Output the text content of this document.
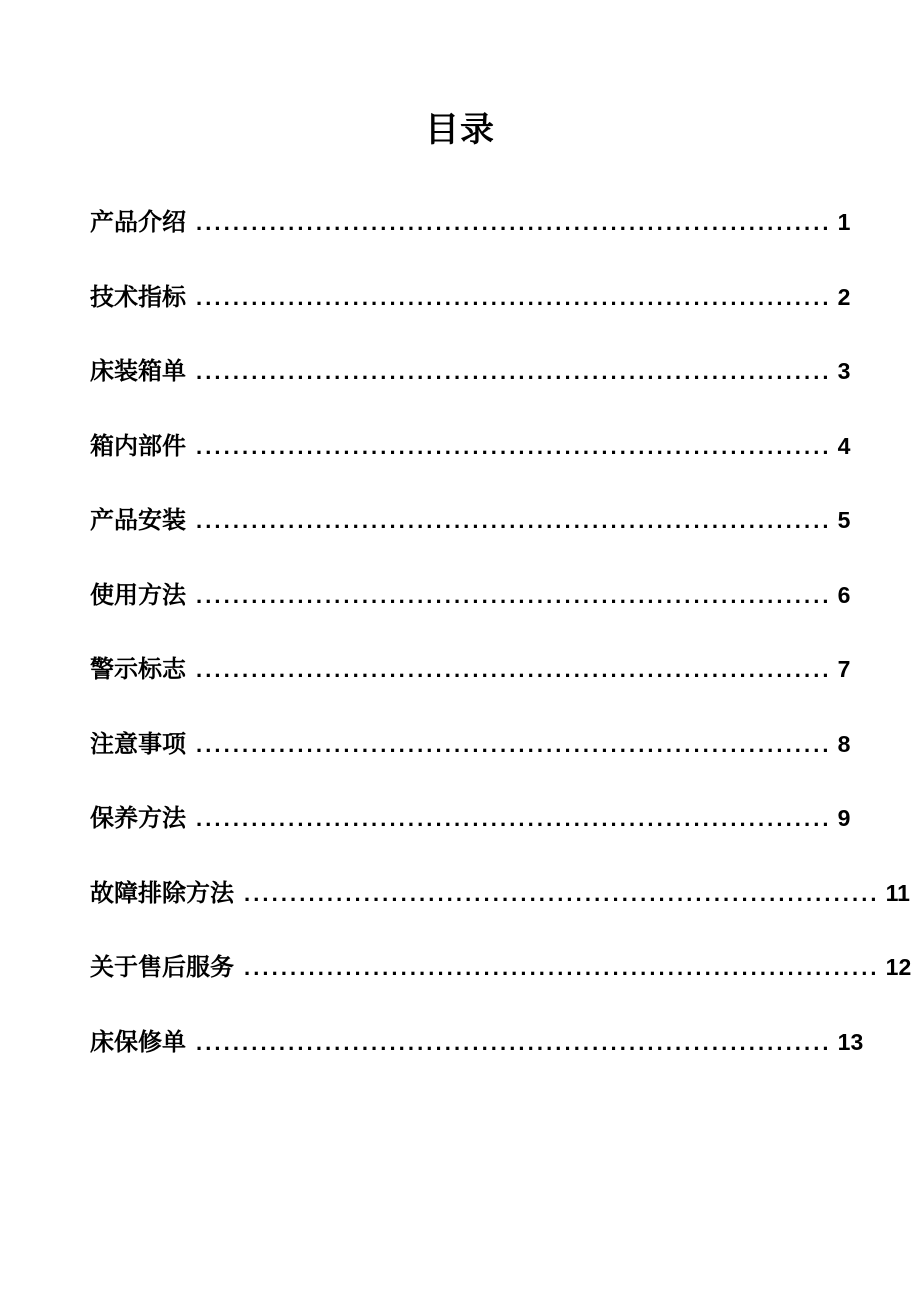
目录
产品介绍 ..................................................................... 1
技术指标 ..................................................................... 2
床装箱单 ..................................................................... 3
箱内部件 ..................................................................... 4
产品安装 ..................................................................... 5
使用方法 ..................................................................... 6
警示标志 ..................................................................... 7
注意事项 ..................................................................... 8
保养方法 ..................................................................... 9
故障排除方法 ..................................................................... 11
关于售后服务 ..................................................................... 12
床保修单 ..................................................................... 13
